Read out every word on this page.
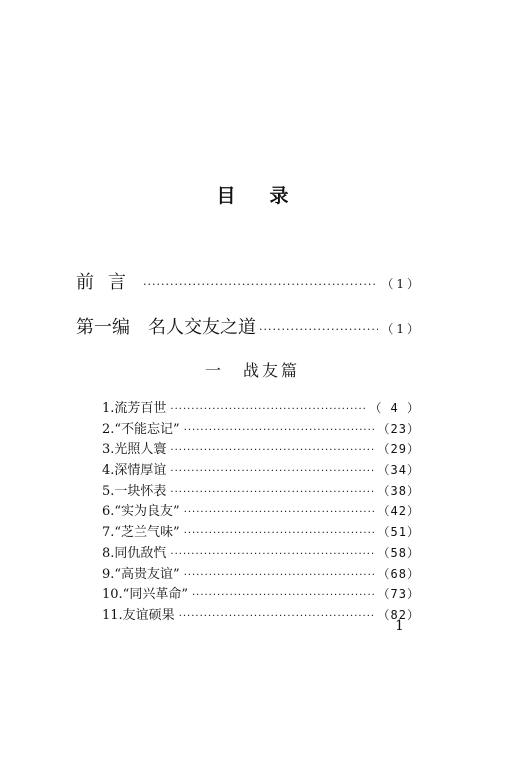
目录
前言 ·····	（1）
第一编　名人交友之道 ·····	（1）
一 战友篇
1.流芳百世 ·····	（ 4 ）
2.“不能忘记” ·····	（23）
3.光照人寰 ·····	（29）
4.深情厚谊 ·····	（34）
5.一块怀表 ·····	（38）
6.“实为良友” ·····	（42）
7.“芝兰气味” ·····	（51）
8.同仇敌忾 ·····	（58）
9.“高贵友谊” ·····	（68）
10.“同兴革命” ·····	（73）
11.友谊硕果 ·····	（82）
1
